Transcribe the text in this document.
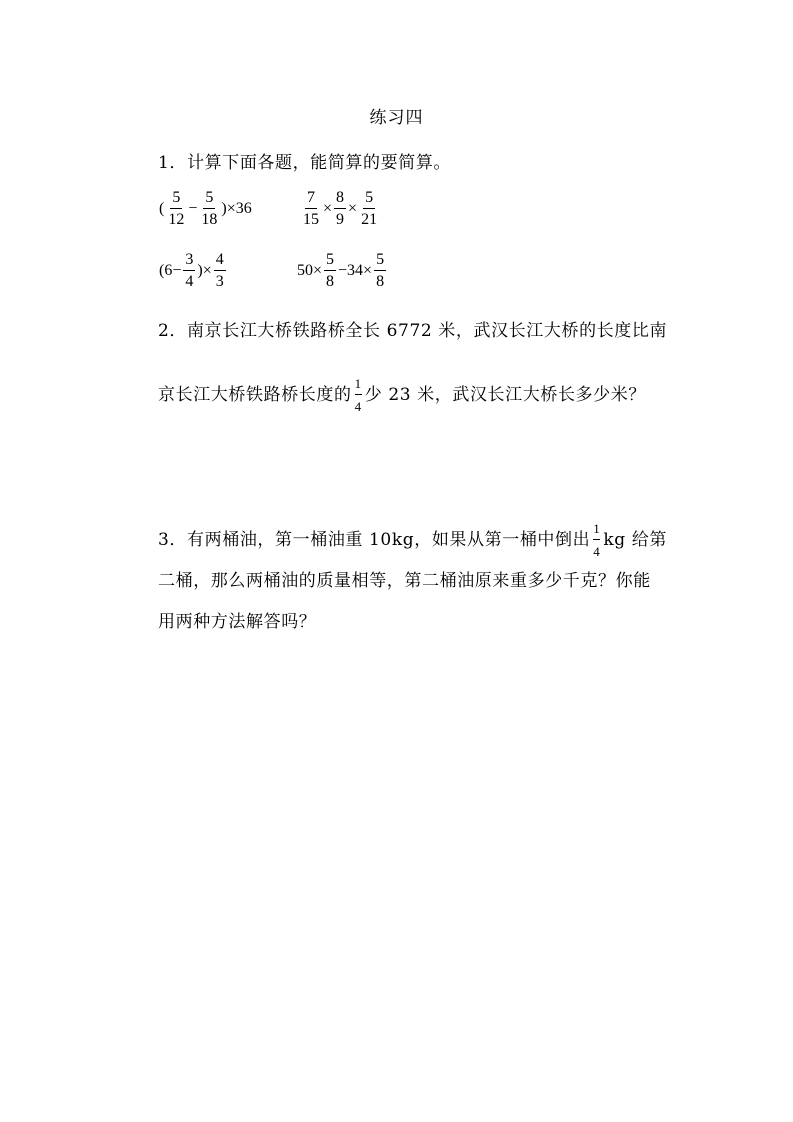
练习四
1．计算下面各题，能简算的要简算。
( $\frac{5}{12} - \frac{5}{18} )\times 36$	$\frac{7}{15} \times \frac{8}{9} \times \frac{5}{21}$
($6- \frac{3}{4}$ )× $\frac{4}{3}$	$50\times \frac{5}{8} -34\times \frac{5}{8}$
2．南京长江大桥铁路桥全长 6772 米，武汉长江大桥的长度比南
京长江大桥铁路桥长度的 $\frac{1}{4}$ 少 23 米，武汉长江大桥长多少米？
3．有两桶油，第一桶油重 10kg，如果从第一桶中倒出 $\frac{1}{4}$ kg 给第
二桶，那么两桶油的质量相等，第二桶油原来重多少千克？你能
用两种方法解答吗？
